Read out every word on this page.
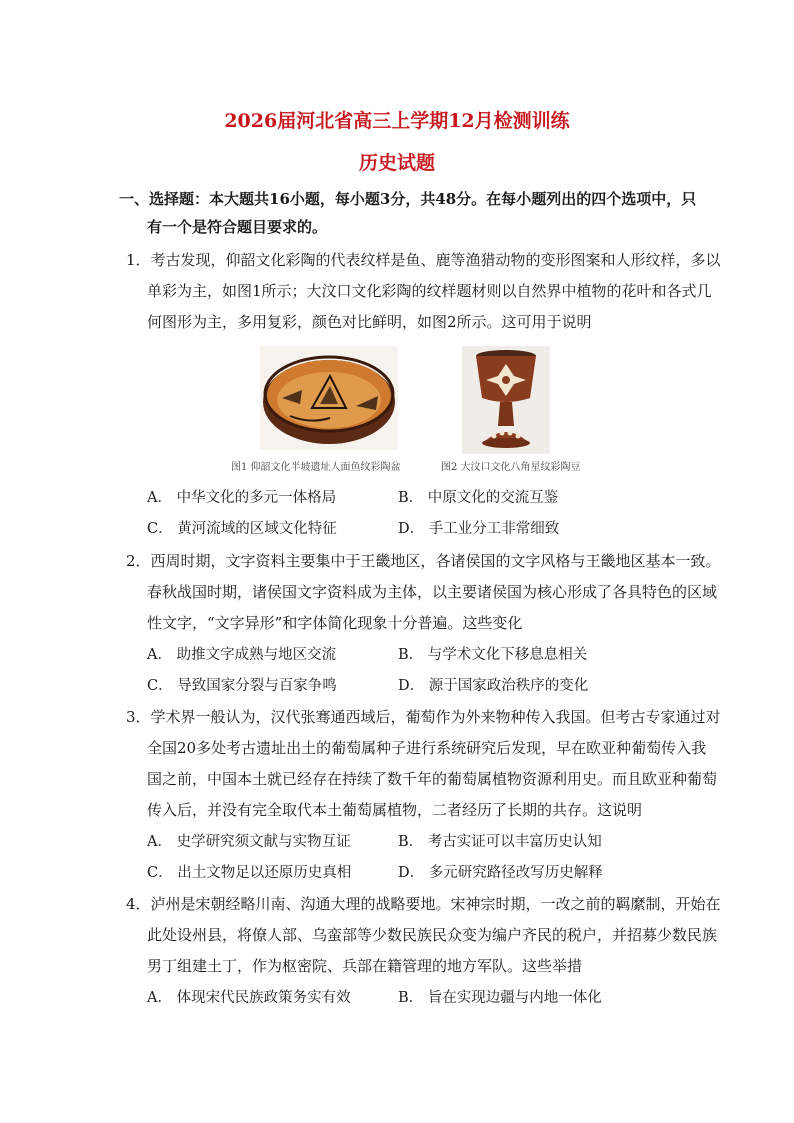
2026届河北省高三上学期12月检测训练
历史试题
一、选择题：本大题共16小题，每小题3分，共48分。在每小题列出的四个选项中，只
有一个是符合题目要求的。
1．考古发现，仰韶文化彩陶的代表纹样是鱼、鹿等渔猎动物的变形图案和人形纹样，多以
单彩为主，如图1所示；大汶口文化彩陶的纹样题材则以自然界中植物的花叶和各式几
何图形为主，多用复彩，颜色对比鲜明，如图2所示。这可用于说明
图1 仰韶文化半坡遗址人面鱼纹彩陶盆	图2 大汶口文化八角星纹彩陶豆
A． 中华文化的多元一体格局	B． 中原文化的交流互鉴
C． 黄河流域的区域文化特征	D． 手工业分工非常细致
2．西周时期，文字资料主要集中于王畿地区，各诸侯国的文字风格与王畿地区基本一致。
春秋战国时期，诸侯国文字资料成为主体，以主要诸侯国为核心形成了各具特色的区域
性文字，“文字异形”和字体简化现象十分普遍。这些变化
A． 助推文字成熟与地区交流	B． 与学术文化下移息息相关
C． 导致国家分裂与百家争鸣	D． 源于国家政治秩序的变化
3．学术界一般认为，汉代张骞通西域后，葡萄作为外来物种传入我国。但考古专家通过对
全国20多处考古遗址出土的葡萄属种子进行系统研究后发现，早在欧亚种葡萄传入我
国之前，中国本土就已经存在持续了数千年的葡萄属植物资源利用史。而且欧亚种葡萄
传入后，并没有完全取代本土葡萄属植物，二者经历了长期的共存。这说明
A． 史学研究须文献与实物互证	B． 考古实证可以丰富历史认知
C． 出土文物足以还原历史真相	D． 多元研究路径改写历史解释
4．泸州是宋朝经略川南、沟通大理的战略要地。宋神宗时期，一改之前的羁縻制，开始在
此处设州县，将僚人部、乌蛮部等少数民族民众变为编户齐民的税户，并招募少数民族
男丁组建土丁，作为枢密院、兵部在籍管理的地方军队。这些举措
A． 体现宋代民族政策务实有效	B． 旨在实现边疆与内地一体化
